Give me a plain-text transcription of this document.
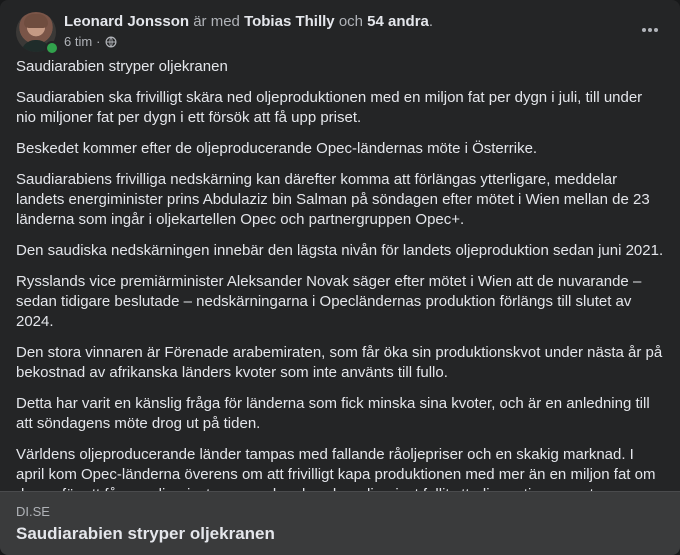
Leonard Jonsson är med Tobias Thilly och 54 andra.
6 tim ·

Saudiarabien stryper oljekranen

Saudiarabien ska frivilligt skära ned oljeproduktionen med en miljon fat per dygn i juli, till under nio miljoner fat per dygn i ett försök att få upp priset.

Beskedet kommer efter de oljeproducerande Opec-ländernas möte i Österrike.

Saudiarabiens frivilliga nedskärning kan därefter komma att förlängas ytterligare, meddelar landets energiminister prins Abdulaziz bin Salman på söndagen efter mötet i Wien mellan de 23 länderna som ingår i oljekartellen Opec och partnergruppen Opec+.

Den saudiska nedskärningen innebär den lägsta nivån för landets oljeproduktion sedan juni 2021.

Rysslands vice premiärminister Aleksander Novak säger efter mötet i Wien att de nuvarande – sedan tidigare beslutade – nedskärningarna i Opecländernas produktion förlängs till slutet av 2024.

Den stora vinnaren är Förenade arabemiraten, som får öka sin produktionskvot under nästa år på bekostnad av afrikanska länders kvoter som inte använts till fullo.

Detta har varit en känslig fråga för länderna som fick minska sina kvoter, och är en anledning till att söndagens möte drog ut på tiden.

Världens oljeproducerande länder tampas med fallande råoljepriser och en skakig marknad. I april kom Opec-länderna överens om att frivilligt kapa produktionen med mer än en miljon fat om

DI.SE
Saudiarabien stryper oljekranen
